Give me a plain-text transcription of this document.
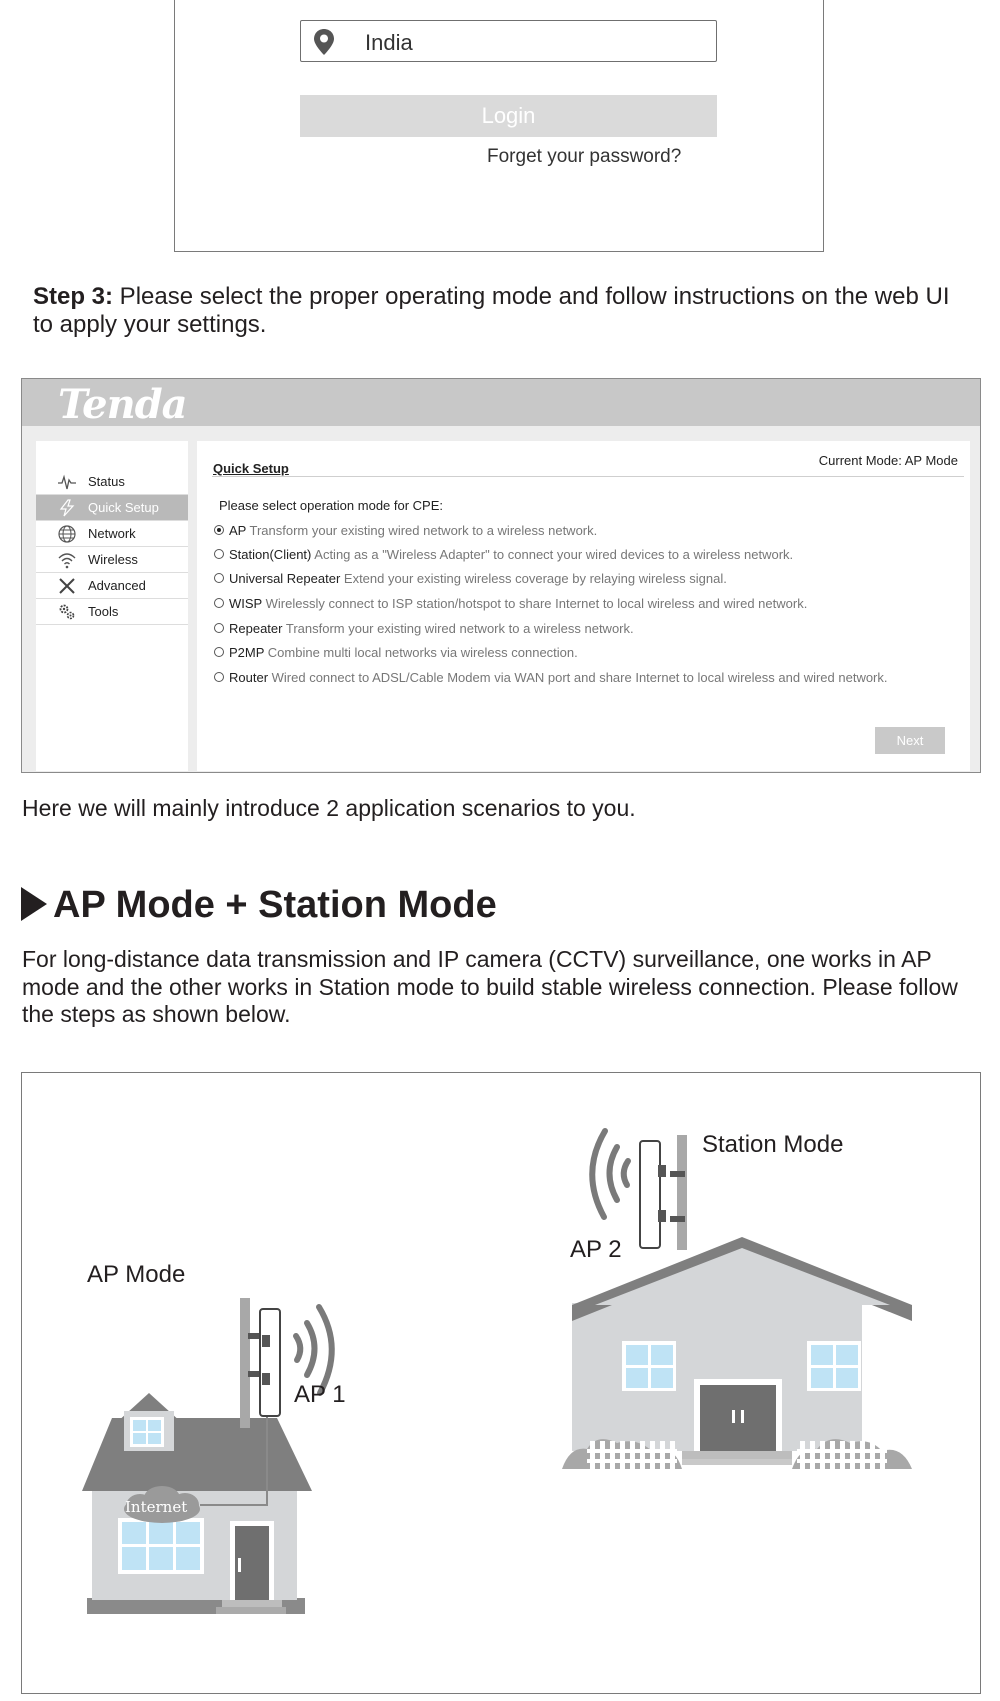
India
Login
Forget your password?
Step 3: Please select the proper operating mode and follow instructions on the web UI to apply your settings.
Tenda
Status
Quick Setup
Network
Wireless
Advanced
Tools
Quick Setup
Current Mode: AP Mode
Please select operation mode for CPE:
AP Transform your existing wired network to a wireless network.
Station(Client) Acting as a "Wireless Adapter" to connect your wired devices to a wireless network.
Universal Repeater Extend your existing wireless coverage by relaying wireless signal.
WISP Wirelessly connect to ISP station/hotspot to share Internet to local wireless and wired network.
Repeater Transform your existing wired network to a wireless network.
P2MP Combine multi local networks via wireless connection.
Router Wired connect to ADSL/Cable Modem via WAN port and share Internet to local wireless and wired network.
Next
Here we will mainly introduce 2 application scenarios to you.
AP Mode + Station Mode
For long-distance data transmission and IP camera (CCTV) surveillance, one works in AP mode and the other works in Station mode to build stable wireless connection. Please follow the steps as shown below.
AP Mode
AP 1
Internet
Station Mode
AP 2
